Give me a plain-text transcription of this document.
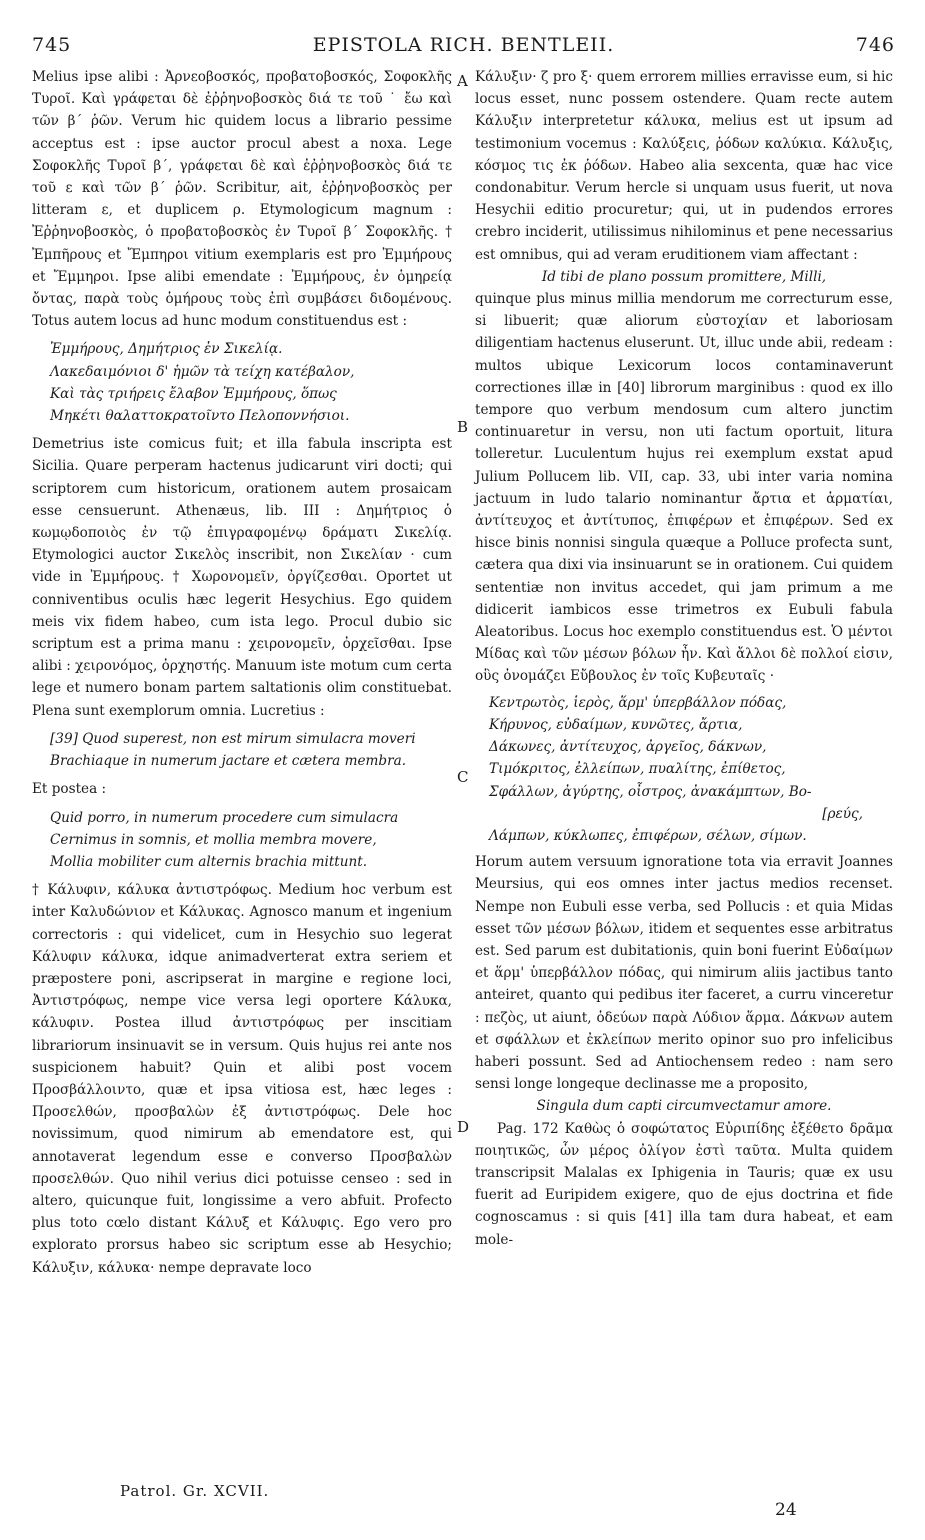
745	EPISTOLA RICH. BENTLEII.	746
A
B
C
D

Melius ipse alibi : Ἀρνεοβοσκός, προβατοβοσκός, Σοφοκλῆς Τυροῖ. Καὶ γράφεται δὲ ἐῤῥηνοβοσκὸς διά τε τοῦ ˙ ἔω καὶ τῶν β΄ ῥῶν. Verum hic quidem locus a librario pessime acceptus est : ipse auctor procul abest a noxa. Lege Σοφοκλῆς Τυροῖ β΄, γράφεται δὲ καὶ ἐῤῥηνοβοσκὸς διά τε τοῦ ε καὶ τῶν β΄ ῥῶν. Scribitur, ait, ἐῤῥηνοβοσκὸς per litteram ε, et duplicem ρ. Etymologicum magnum : Ἐῤῥηνοβοσκὸς, ὁ προβατοβοσκὸς ἐν Τυροῖ β΄ Σοφοκλῆς. † Ἐμπῆρους et Ἔμπηροι vitium exemplaris est pro Ἐμμήρους et Ἔμμηροι. Ipse alibi emendate : Ἐμμήρους, ἐν ὁμηρείᾳ ὄντας, παρὰ τοὺς ὁμήρους τοὺς ἐπὶ συμβάσει διδομένους. Totus autem locus ad hunc modum constituendus est :

Ἐμμήρους, Δημήτριος ἐν Σικελίᾳ.
Λακεδαιμόνιοι δ' ἡμῶν τὰ τείχη κατέβαλον,
Καὶ τὰς τριήρεις ἔλαβον Ἐμμήρους, ὅπως
Μηκέτι θαλαττοκρατοῖντο Πελοποννήσιοι.

Demetrius iste comicus fuit; et illa fabula inscripta est Sicilia. Quare perperam hactenus judicarunt viri docti; qui scriptorem cum historicum, orationem autem prosaicam esse censuerunt. Athenæus, lib. III : Δημήτριος ὁ κωμῳδοποιὸς ἐν τῷ ἐπιγραφομένῳ δράματι Σικελίᾳ. Etymologici auctor Σικελὸς inscribit, non Σικελίαν · cum vide in Ἐμμήρους. † Χωρονομεῖν, ὀργίζεσθαι. Oportet ut conniventibus oculis hæc legerit Hesychius. Ego quidem meis vix fidem habeo, cum ista lego. Procul dubio sic scriptum est a prima manu : χειρονομεῖν, ὀρχεῖσθαι. Ipse alibi : χειρονόμος, ὀρχηστής. Manuum iste motum cum certa lege et numero bonam partem saltationis olim constituebat. Plena sunt exemplorum omnia. Lucretius :

[39] Quod superest, non est mirum simulacra moveri
Brachiaque in numerum jactare et cætera membra.

Et postea :

Quid porro, in numerum procedere cum simulacra
Cernimus in somnis, et mollia membra movere,
Mollia mobiliter cum alternis brachia mittunt.

† Κάλυφιν, κάλυκα ἀντιστρόφως. Medium hoc verbum est inter Καλυδώνιον et Κάλυκας. Agnosco manum et ingenium correctoris : qui videlicet, cum in Hesychio suo legerat Κάλυφιν κάλυκα, idque animadverterat extra seriem et præpostere poni, ascripserat in margine e regione loci, Ἀντιστρόφως, nempe vice versa legi oportere Κάλυκα, κάλυφιν. Postea illud ἀντιστρόφως per inscitiam librariorum insinuavit se in versum. Quis hujus rei ante nos suspicionem habuit? Quin et alibi post vocem Προσβάλλοιντο, quæ et ipsa vitiosa est, hæc leges : Προσελθών, προσβαλὼν ἐξ ἀντιστρόφως. Dele hoc novissimum, quod nimirum ab emendatore est, qui annotaverat legendum esse e converso Προσβαλὼν προσελθών. Quo nihil verius dici potuisse censeo : sed in altero, quicunque fuit, longissime a vero abfuit. Profecto plus toto cœlo distant Κάλυξ et Κάλυφις. Ego vero pro explorato prorsus habeo sic scriptum esse ab Hesychio; Κάλυξιν, κάλυκα· nempe depravate loco

Κάλυξιν· ζ pro ξ· quem errorem millies erravisse eum, si hic locus esset, nunc possem ostendere. Quam recte autem Κάλυξιν interpretetur κάλυκα, melius est ut ipsum ad testimonium vocemus : Καλύξεις, ῥόδων καλύκια. Κάλυξις, κόσμος τις ἐκ ῥόδων. Habeo alia sexcenta, quæ hac vice condonabitur. Verum hercle si unquam usus fuerit, ut nova Hesychii editio procuretur; qui, ut in pudendos errores crebro inciderit, utilissimus nihilominus et pene necessarius est omnibus, qui ad veram eruditionem viam affectant :

Id tibi de plano possum promittere, Milli,

quinque plus minus millia mendorum me correcturum esse, si libuerit; quæ aliorum εὐστοχίαν et laboriosam diligentiam hactenus eluserunt. Ut, illuc unde abii, redeam : multos ubique Lexicorum locos contaminaverunt correctiones illæ in [40] librorum marginibus : quod ex illo tempore quo verbum mendosum cum altero junctim continuaretur in versu, non uti factum oportuit, litura tolleretur. Luculentum hujus rei exemplum exstat apud Julium Pollucem lib. VII, cap. 33, ubi inter varia nomina jactuum in ludo talario nominantur ἄρτια et ἁρματίαι, ἀντίτευχος et ἀντίτυπος, ἐπιφέρων et ἐπιφέρων. Sed ex hisce binis nonnisi singula quæque a Polluce profecta sunt, cætera qua dixi via insinuarunt se in orationem. Cui quidem sententiæ non invitus accedet, qui jam primum a me didicerit iambicos esse trimetros ex Eubuli fabula Aleatoribus. Locus hoc exemplo constituendus est. Ὁ μέντοι Μίδας καὶ τῶν μέσων βόλων ἦν. Καὶ ἄλλοι δὲ πολλοί εἰσιν, οὓς ὀνομάζει Εὔβουλος ἐν τοῖς Κυβευταῖς ·

Κεντρωτὸς, ἱερὸς, ἅρμ' ὑπερβάλλον πόδας,
Κήρυνος, εὐδαίμων, κυνῶτες, ἄρτια,
Δάκωνες, ἀντίτευχος, ἀργεῖος, δάκνων,
Τιμόκριτος, ἐλλείπων, πυαλίτης, ἐπίθετος,
Σφάλλων, ἀγύρτης, οἶστρος, ἀνακάμπτων, Βο-
[ρεύς,
Λάμπων, κύκλωπες, ἐπιφέρων, σέλων, σίμων.

Horum autem versuum ignoratione tota via erravit Joannes Meursius, qui eos omnes inter jactus medios recenset. Nempe non Eubuli esse verba, sed Pollucis : et quia Midas esset τῶν μέσων βόλων, itidem et sequentes esse arbitratus est. Sed parum est dubitationis, quin boni fuerint Εὐδαίμων et ἅρμ' ὑπερβάλλον πόδας, qui nimirum aliis jactibus tanto anteiret, quanto qui pedibus iter faceret, a curru vinceretur : πεζὸς, ut aiunt, ὁδεύων παρὰ Λύδιον ἅρμα. Δάκνων autem et σφάλλων et ἐκλείπων merito opinor suo pro infelicibus haberi possunt. Sed ad Antiochensem redeo : nam sero sensi longe longeque declinasse me a proposito,

Singula dum capti circumvectamur amore.

Pag. 172 Καθὼς ὁ σοφώτατος Εὐριπίδης ἐξέθετο δρᾶμα ποιητικῶς, ὧν μέρος ὀλίγον ἐστὶ ταῦτα. Multa quidem transcripsit Malalas ex Iphigenia in Tauris; quæ ex usu fuerit ad Euripidem exigere, quo de ejus doctrina et fide cognoscamus : si quis [41] illa tam dura habeat, et eam mole-

Patrol. Gr. XCVII.
24
